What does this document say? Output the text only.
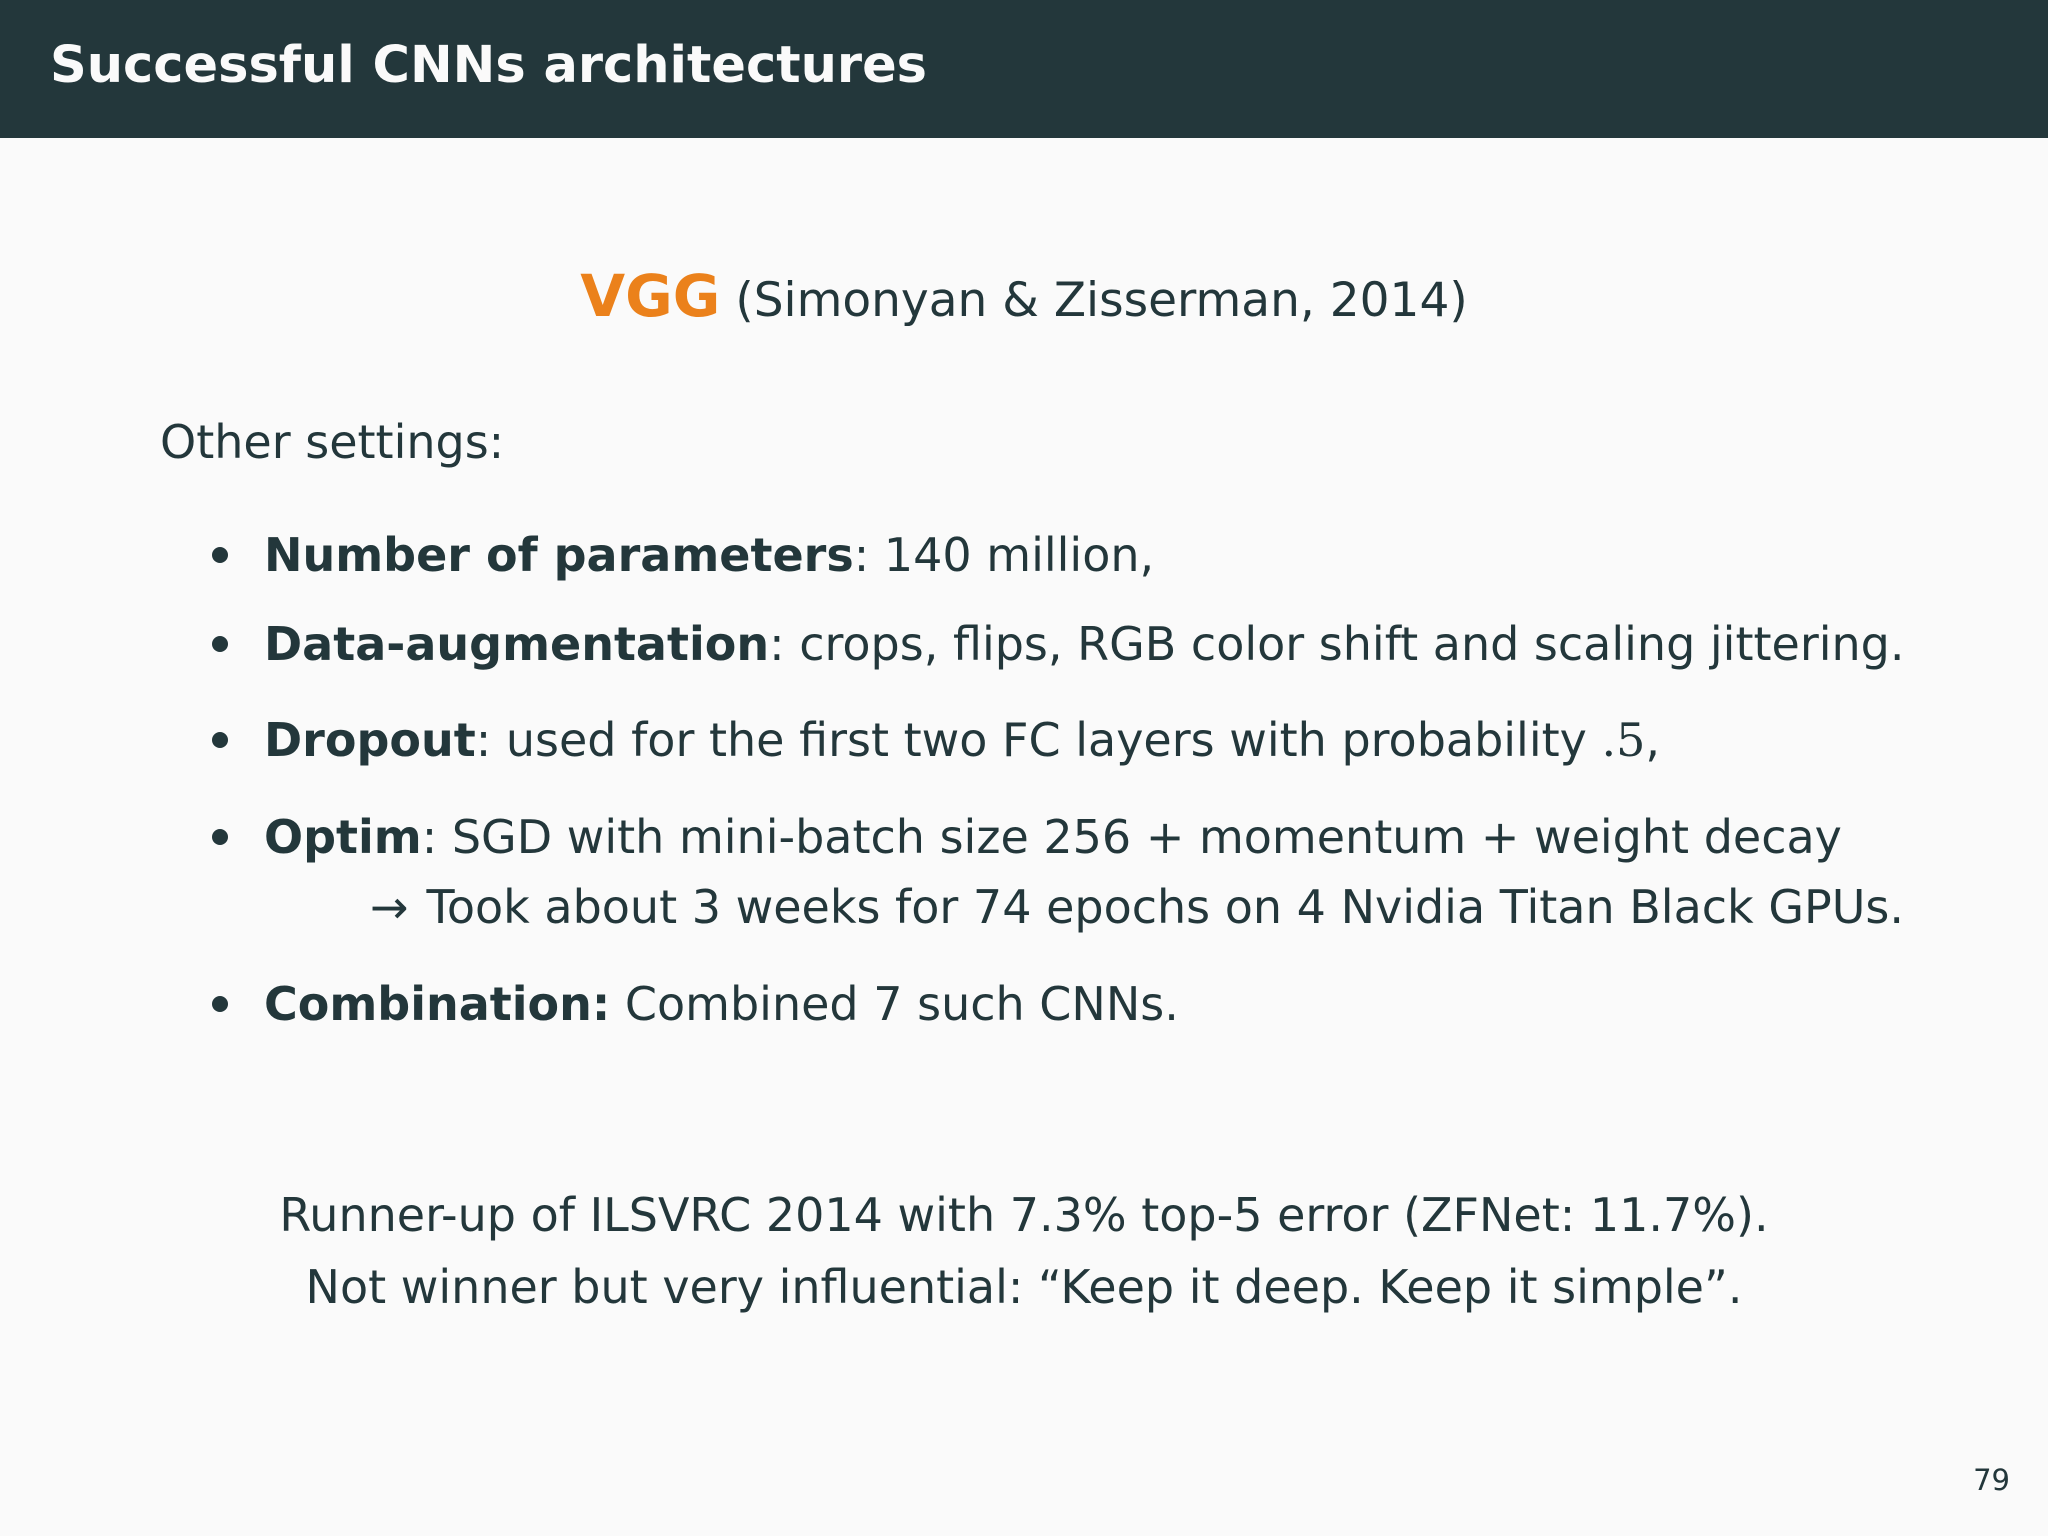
Successful CNNs architectures
VGG (Simonyan & Zisserman, 2014)
Other settings:
Number of parameters: 140 million,
Data-augmentation: crops, flips, RGB color shift and scaling jittering.
Dropout: used for the first two FC layers with probability .5,
Optim: SGD with mini-batch size 256 + momentum + weight decay
→ Took about 3 weeks for 74 epochs on 4 Nvidia Titan Black GPUs.
Combination: Combined 7 such CNNs.
Runner-up of ILSVRC 2014 with 7.3% top-5 error (ZFNet: 11.7%).
Not winner but very influential: “Keep it deep. Keep it simple”.
79
